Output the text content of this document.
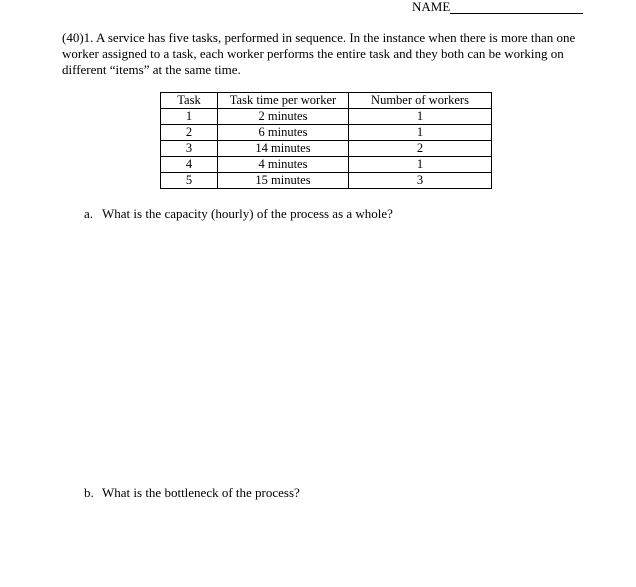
NAME

(40)1. A service has five tasks, performed in sequence. In the instance when there is more than one worker assigned to a task, each worker performs the entire task and they both can be working on different “items” at the same time.

Task	Task time per worker	Number of workers
1	2 minutes	1
2	6 minutes	1
3	14 minutes	2
4	4 minutes	1
5	15 minutes	3

a. What is the capacity (hourly) of the process as a whole?

b. What is the bottleneck of the process?
